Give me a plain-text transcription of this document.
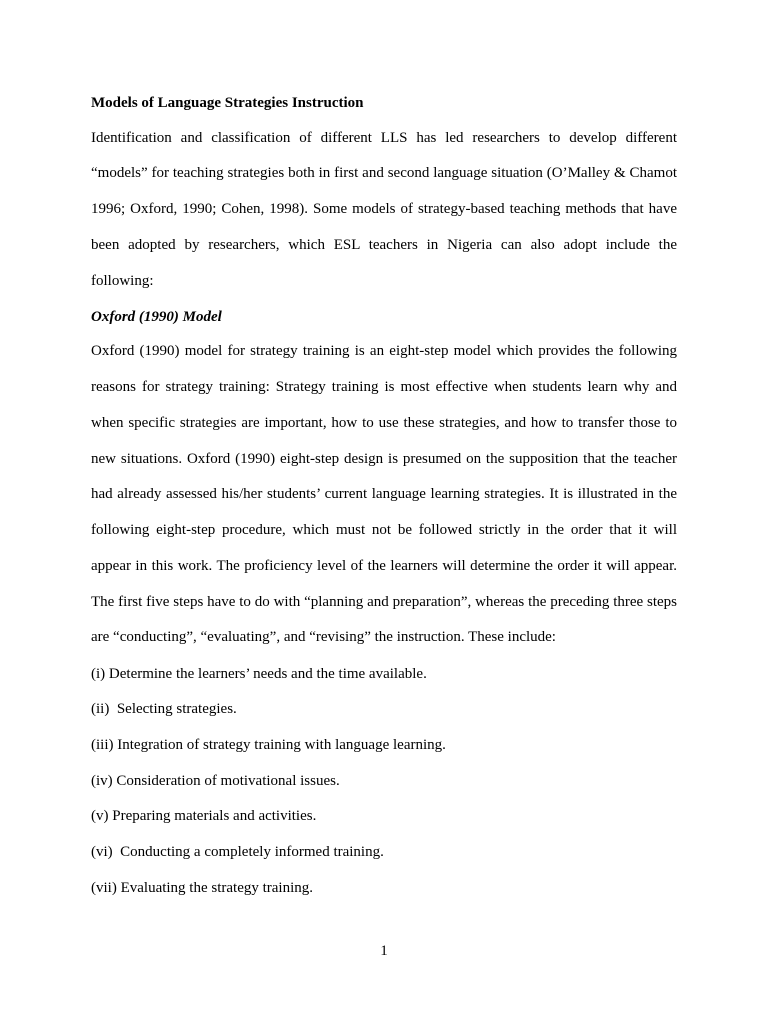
Models of Language Strategies Instruction

Identification and classification of different LLS has led researchers to develop different “models” for teaching strategies both in first and second language situation (O’Malley & Chamot 1996; Oxford, 1990; Cohen, 1998). Some models of strategy-based teaching methods that have been adopted by researchers, which ESL teachers in Nigeria can also adopt include the following:

Oxford (1990) Model

Oxford (1990) model for strategy training is an eight-step model which provides the following reasons for strategy training: Strategy training is most effective when students learn why and when specific strategies are important, how to use these strategies, and how to transfer those to new situations. Oxford (1990) eight-step design is presumed on the supposition that the teacher had already assessed his/her students’ current language learning strategies. It is illustrated in the following eight-step procedure, which must not be followed strictly in the order that it will appear in this work. The proficiency level of the learners will determine the order it will appear. The first five steps have to do with “planning and preparation”, whereas the preceding three steps are “conducting”, “evaluating”, and “revising” the instruction. These include:

(i) Determine the learners’ needs and the time available.
(ii)  Selecting strategies.
(iii) Integration of strategy training with language learning.
(iv) Consideration of motivational issues.
(v) Preparing materials and activities.
(vi)  Conducting a completely informed training.
(vii) Evaluating the strategy training.
1
